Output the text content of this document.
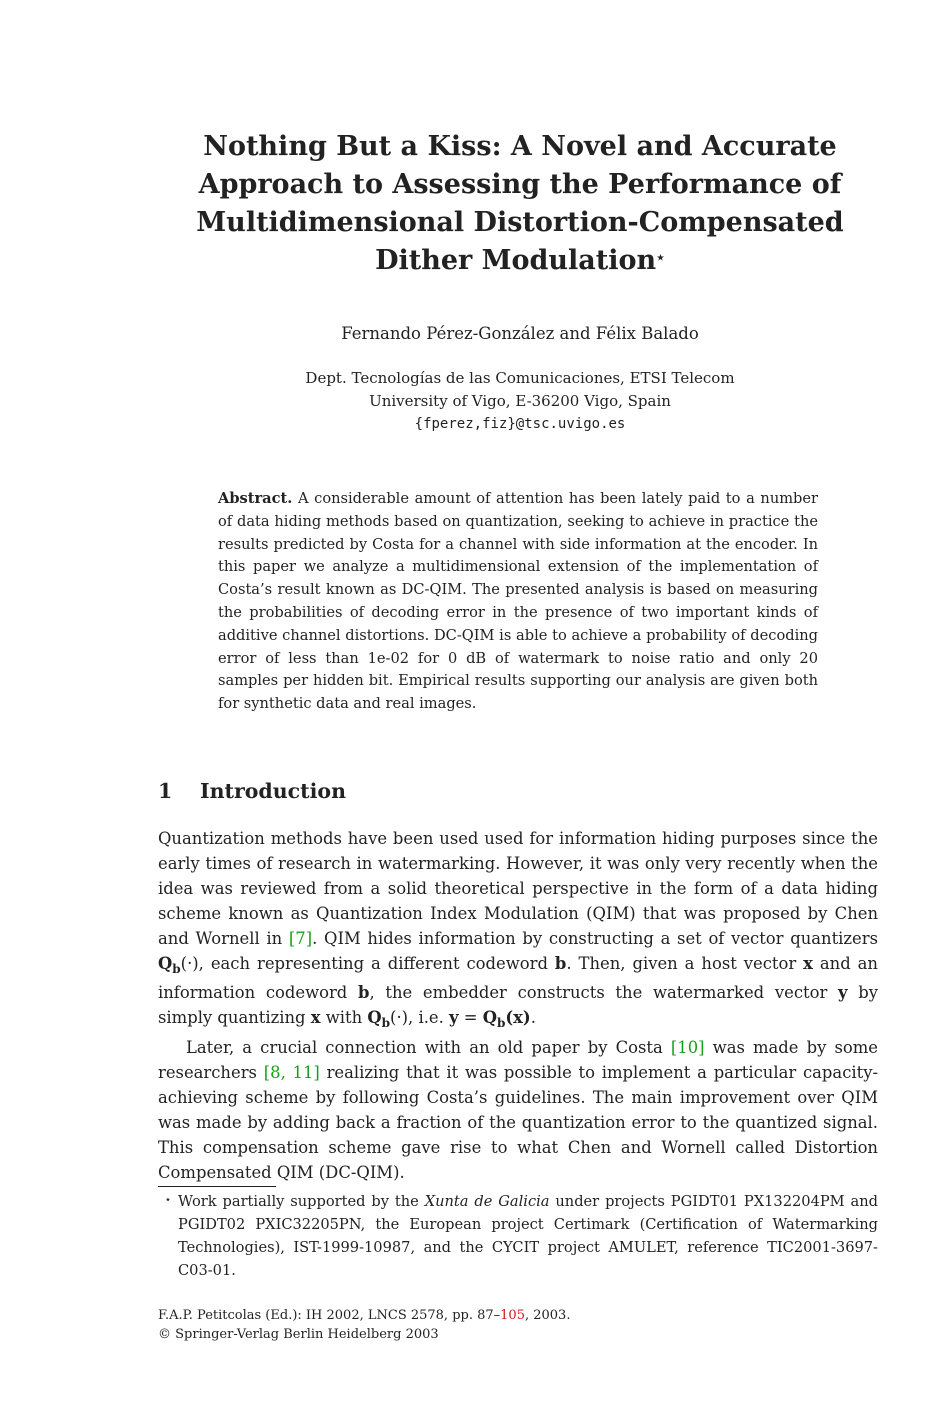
Nothing But a Kiss: A Novel and Accurate
Approach to Assessing the Performance of
Multidimensional Distortion-Compensated
Dither Modulation⋆
Fernando Pérez-González and Félix Balado
Dept. Tecnologías de las Comunicaciones, ETSI Telecom
University of Vigo, E-36200 Vigo, Spain
{fperez,fiz}@tsc.uvigo.es
Abstract. A considerable amount of attention has been lately paid to a number of data hiding methods based on quantization, seeking to achieve in practice the results predicted by Costa for a channel with side information at the encoder. In this paper we analyze a multidimensional extension of the implementation of Costa’s result known as DC-QIM. The presented analysis is based on measuring the probabilities of decoding error in the presence of two important kinds of additive channel distortions. DC-QIM is able to achieve a probability of decoding error of less than 1e-02 for 0 dB of watermark to noise ratio and only 20 samples per hidden bit. Empirical results supporting our analysis are given both for synthetic data and real images.
1 Introduction

Quantization methods have been used used for information hiding purposes since the early times of research in watermarking. However, it was only very recently when the idea was reviewed from a solid theoretical perspective in the form of a data hiding scheme known as Quantization Index Modulation (QIM) that was proposed by Chen and Wornell in [7]. QIM hides information by constructing a set of vector quantizers $Q_b(\cdot)$, each representing a different codeword b. Then, given a host vector x and an information codeword b, the embedder constructs the watermarked vector y by simply quantizing x with $Q_b(\cdot)$, i.e. $y = Q_b(x)$.

Later, a crucial connection with an old paper by Costa [10] was made by some researchers [8, 11] realizing that it was possible to implement a particular capacity-achieving scheme by following Costa’s guidelines. The main improvement over QIM was made by adding back a fraction of the quantization error to the quantized signal. This compensation scheme gave rise to what Chen and Wornell called Distortion Compensated QIM (DC-QIM).

⋆ Work partially supported by the Xunta de Galicia under projects PGIDT01 PX132204PM and PGIDT02 PXIC32205PN, the European project Certimark (Certification of Watermarking Technologies), IST-1999-10987, and the CYCIT project AMULET, reference TIC2001-3697-C03-01.
F.A.P. Petitcolas (Ed.): IH 2002, LNCS 2578, pp. 87–105, 2003.
© Springer-Verlag Berlin Heidelberg 2003
